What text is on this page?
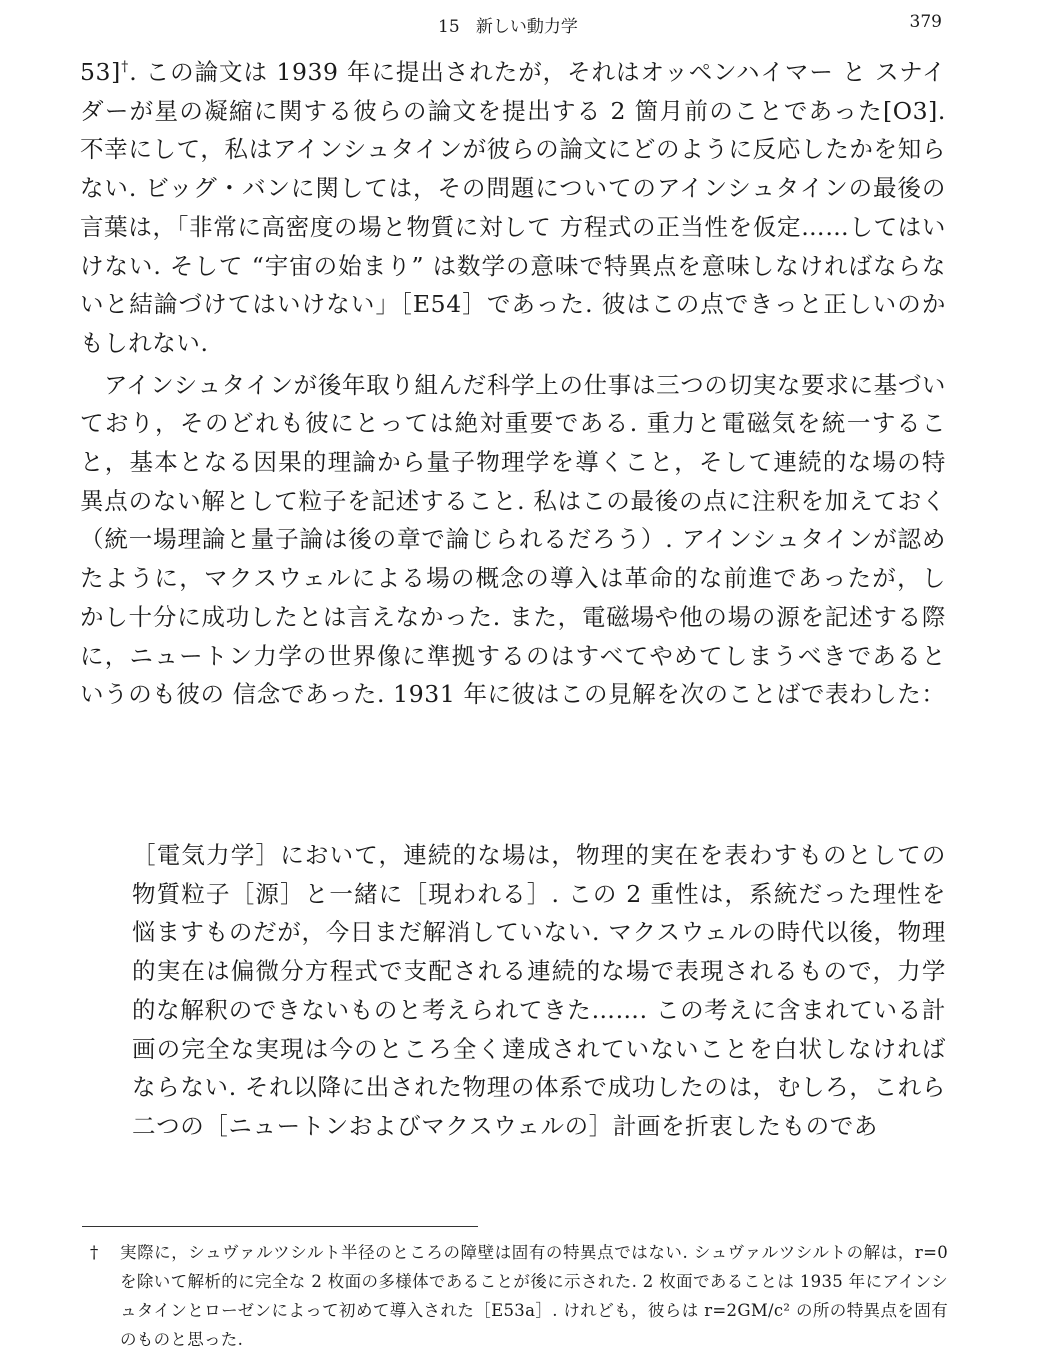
15 新しい動力学	379

53]†. この論文は 1939 年に提出されたが，それはオッペンハイマー と スナイダーが星の凝縮に関する彼らの論文を提出する 2 箇月前のことであった[O3]. 不幸にして，私はアインシュタインが彼らの論文にどのように反応したかを知らない. ビッグ・バンに関しては，その問題についてのアインシュタインの最後の言葉は，「非常に高密度の場と物質に対して 方程式の正当性を仮定……してはいけない. そして “宇宙の始まり” は数学の意味で特異点を意味しなければならないと結論づけてはいけない」［E54］であった. 彼はこの点できっと正しいのかもしれない.

アインシュタインが後年取り組んだ科学上の仕事は三つの切実な要求に基づいており，そのどれも彼にとっては絶対重要である. 重力と電磁気を統一すること，基本となる因果的理論から量子物理学を導くこと，そして連続的な場の特異点のない解として粒子を記述すること. 私はこの最後の点に注釈を加えておく（統一場理論と量子論は後の章で論じられるだろう）. アインシュタインが認めたように，マクスウェルによる場の概念の導入は革命的な前進であったが，しかし十分に成功したとは言えなかった. また，電磁場や他の場の源を記述する際に，ニュートン力学の世界像に準拠するのはすべてやめてしまうべきであると いうのも彼の 信念であった. 1931 年に彼はこの見解を次のことばで表わした：

［電気力学］において，連続的な場は，物理的実在を表わすものとしての物質粒子［源］と一緒に［現われる］. この 2 重性は，系統だった理性を悩ますものだが，今日まだ解消していない. マクスウェルの時代以後，物理的実在は偏微分方程式で支配される連続的な場で表現されるもので，力学的な解釈のできないものと考えられてきた……. この考えに含まれている計画の完全な実現は今のところ全く達成されていないことを白状しなければならない. それ以降に出された物理の体系で成功したのは，むしろ，これら二つの［ニュートンおよびマクスウェルの］計画を折衷したものであ
† 実際に，シュヴァルツシルト半径のところの障壁は固有の特異点ではない. シュヴァルツシルトの解は，r=0 を除いて解析的に完全な 2 枚面の多様体であることが後に示された. 2 枚面であることは 1935 年にアインシュタインとローゼンによって初めて導入された［E53a］. けれども，彼らは r=2GM/c² の所の特異点を固有のものと思った.
